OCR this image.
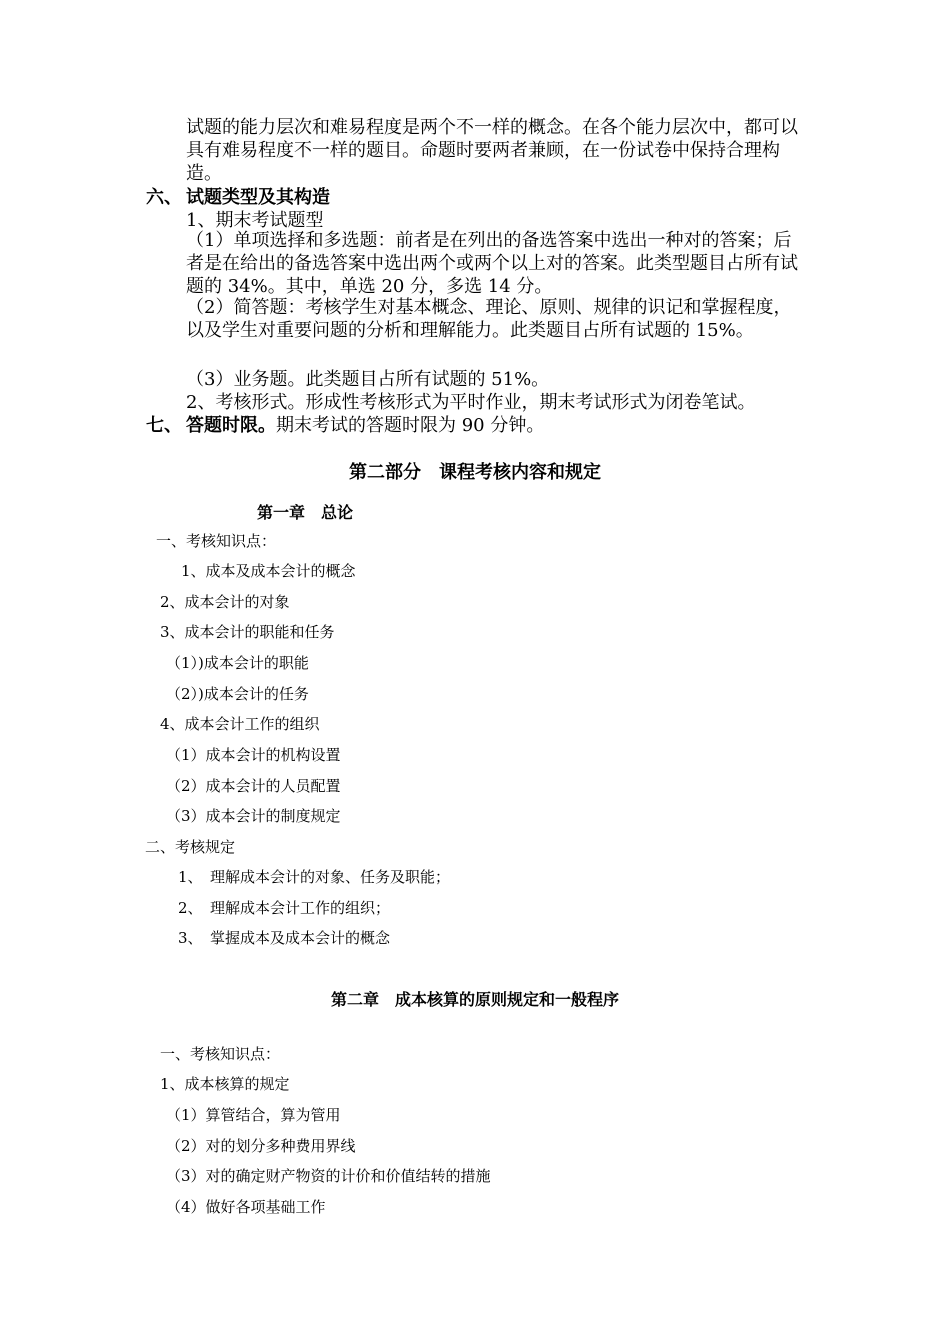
试题的能力层次和难易程度是两个不一样的概念。在各个能力层次中，都可以具有难易程度不一样的题目。命题时要两者兼顾，在一份试卷中保持合理构造。
六、 试题类型及其构造
1、期末考试题型
（1）单项选择和多选题：前者是在列出的备选答案中选出一种对的答案；后者是在给出的备选答案中选出两个或两个以上对的答案。此类型题目占所有试题的 34%。其中，单选 20 分，多选 14 分。
（2）简答题：考核学生对基本概念、理论、原则、规律的识记和掌握程度，以及学生对重要问题的分析和理解能力。此类题目占所有试题的 15%。
（3）业务题。此类题目占所有试题的 51%。
2、考核形式。形成性考核形式为平时作业，期末考试形式为闭卷笔试。
七、 答题时限。期末考试的答题时限为 90 分钟。
第二部分　课程考核内容和规定
第一章　总论
一、考核知识点：
1、成本及成本会计的概念
2、成本会计的对象
3、成本会计的职能和任务
（1）)成本会计的职能
（2）)成本会计的任务
4、成本会计工作的组织
（1）成本会计的机构设置
（2）成本会计的人员配置
（3）成本会计的制度规定
二、考核规定
1、　理解成本会计的对象、任务及职能；
2、　理解成本会计工作的组织；
3、　掌握成本及成本会计的概念
第二章　成本核算的原则规定和一般程序
一、考核知识点：
1、成本核算的规定
（1）算管结合，算为管用
（2）对的划分多种费用界线
（3）对的确定财产物资的计价和价值结转的措施
（4）做好各项基础工作
